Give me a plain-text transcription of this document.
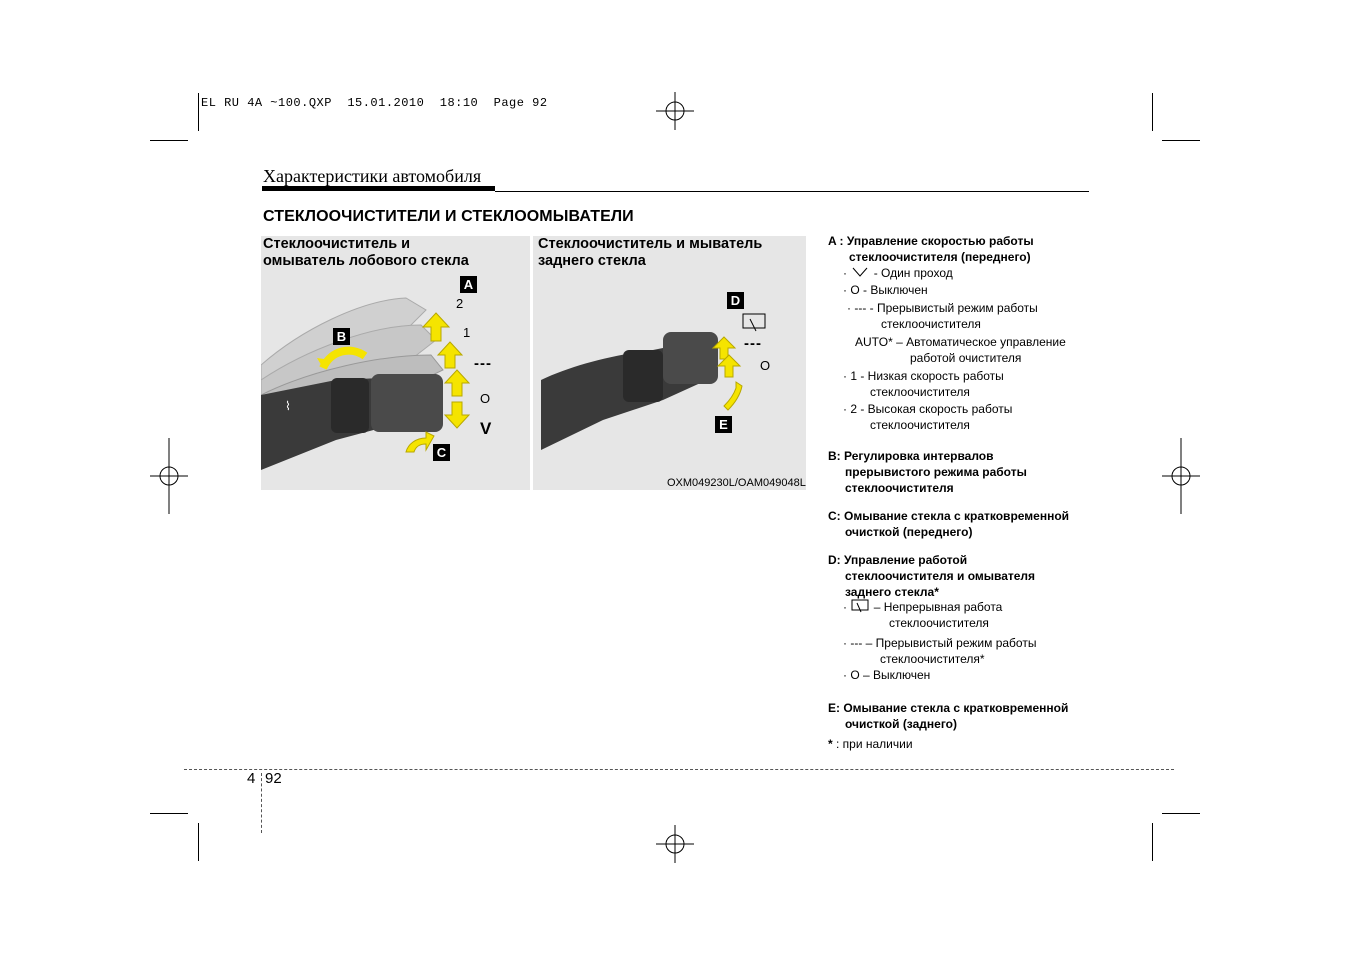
EL RU 4A ~100.QXP  15.01.2010  18:10  Page 92
Характеристики автомобиля
СТЕКЛООЧИСТИТЕЛИ И СТЕКЛООМЫВАТЕЛИ
Стеклоочиститель и
омыватель лобового стекла
Стеклоочиститель и мыватель
заднего стекла
⌇
A
B
C
2
1
---
O
V
D
E
---
O
OXM049230L/OAM049048L
A : Управление скоростью работы
стеклоочистителя (переднего)
·  - Один проход
· O - Выключен
· --- - Прерывистый режим работы
стеклоочистителя
AUTO* – Автоматическое управление
работой очистителя
· 1 - Низкая скорость работы
стеклоочистителя
· 2 - Высокая скорость работы
стеклоочистителя
B: Регулировка интервалов
прерывистого режима работы
стеклоочистителя
C: Омывание стекла с кратковременной
очисткой (переднего)
D: Управление работой
стеклоочистителя и омывателя
заднего стекла*
·  – Непрерывная работа
стеклоочистителя
· --- – Прерывистый режим работы
стеклоочистителя*
· O – Выключен
E: Омывание стекла с кратковременной
очисткой (заднего)
* : при наличии
4 92
